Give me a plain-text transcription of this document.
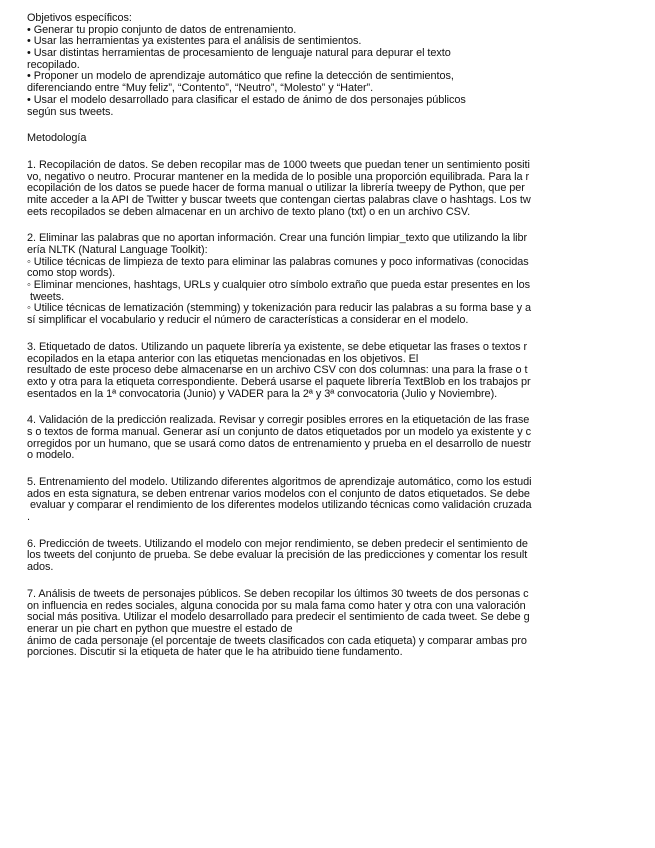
Objetivos específicos:
• Generar tu propio conjunto de datos de entrenamiento.
• Usar las herramientas ya existentes para el análisis de sentimientos.
• Usar distintas herramientas de procesamiento de lenguaje natural para depurar el texto
recopilado.
• Proponer un modelo de aprendizaje automático que refine la detección de sentimientos,
diferenciando entre “Muy feliz”, “Contento”, “Neutro”, “Molesto” y “Hater”.
• Usar el modelo desarrollado para clasificar el estado de ánimo de dos personajes públicos
según sus tweets.
Metodología
1. Recopilación de datos. Se deben recopilar mas de 1000 tweets que puedan tener un sentimiento positi
vo, negativo o neutro. Procurar mantener en la medida de lo posible una proporción equilibrada. Para la r
ecopilación de los datos se puede hacer de forma manual o utilizar la librería tweepy de Python, que per
mite acceder a la API de Twitter y buscar tweets que contengan ciertas palabras clave o hashtags. Los tw
eets recopilados se deben almacenar en un archivo de texto plano (txt) o en un archivo CSV.
2. Eliminar las palabras que no aportan información. Crear una función limpiar_texto que utilizando la libr
ería NLTK (Natural Language Toolkit):
◦ Utilice técnicas de limpieza de texto para eliminar las palabras comunes y poco informativas (conocidas
como stop words).
◦ Eliminar menciones, hashtags, URLs y cualquier otro símbolo extraño que pueda estar presentes en los
tweets.
◦ Utilice técnicas de lematización (stemming) y tokenización para reducir las palabras a su forma base y a
sí simplificar el vocabulario y reducir el número de características a considerar en el modelo.
3. Etiquetado de datos. Utilizando un paquete librería ya existente, se debe etiquetar las frases o textos r
ecopilados en la etapa anterior con las etiquetas mencionadas en los objetivos. El
resultado de este proceso debe almacenarse en un archivo CSV con dos columnas: una para la frase o t
exto y otra para la etiqueta correspondiente. Deberá usarse el paquete librería TextBlob en los trabajos pr
esentados en la 1ª convocatoria (Junio) y VADER para la 2ª y 3ª convocatoria (Julio y Noviembre).
4. Validación de la predicción realizada. Revisar y corregir posibles errores en la etiquetación de las frase
s o textos de forma manual. Generar así un conjunto de datos etiquetados por un modelo ya existente y c
orregidos por un humano, que se usará como datos de entrenamiento y prueba en el desarrollo de nuestr
o modelo.
5. Entrenamiento del modelo. Utilizando diferentes algoritmos de aprendizaje automático, como los estudi
ados en esta signatura, se deben entrenar varios modelos con el conjunto de datos etiquetados. Se debe
evaluar y comparar el rendimiento de los diferentes modelos utilizando técnicas como validación cruzada
.
6. Predicción de tweets. Utilizando el modelo con mejor rendimiento, se deben predecir el sentimiento de
los tweets del conjunto de prueba. Se debe evaluar la precisión de las predicciones y comentar los result
ados.
7. Análisis de tweets de personajes públicos. Se deben recopilar los últimos 30 tweets de dos personas c
on influencia en redes sociales, alguna conocida por su mala fama como hater y otra con una valoración
social más positiva. Utilizar el modelo desarrollado para predecir el sentimiento de cada tweet. Se debe g
enerar un pie chart en python que muestre el estado de
ánimo de cada personaje (el porcentaje de tweets clasificados con cada etiqueta) y comparar ambas pro
porciones. Discutir si la etiqueta de hater que le ha atribuido tiene fundamento.
